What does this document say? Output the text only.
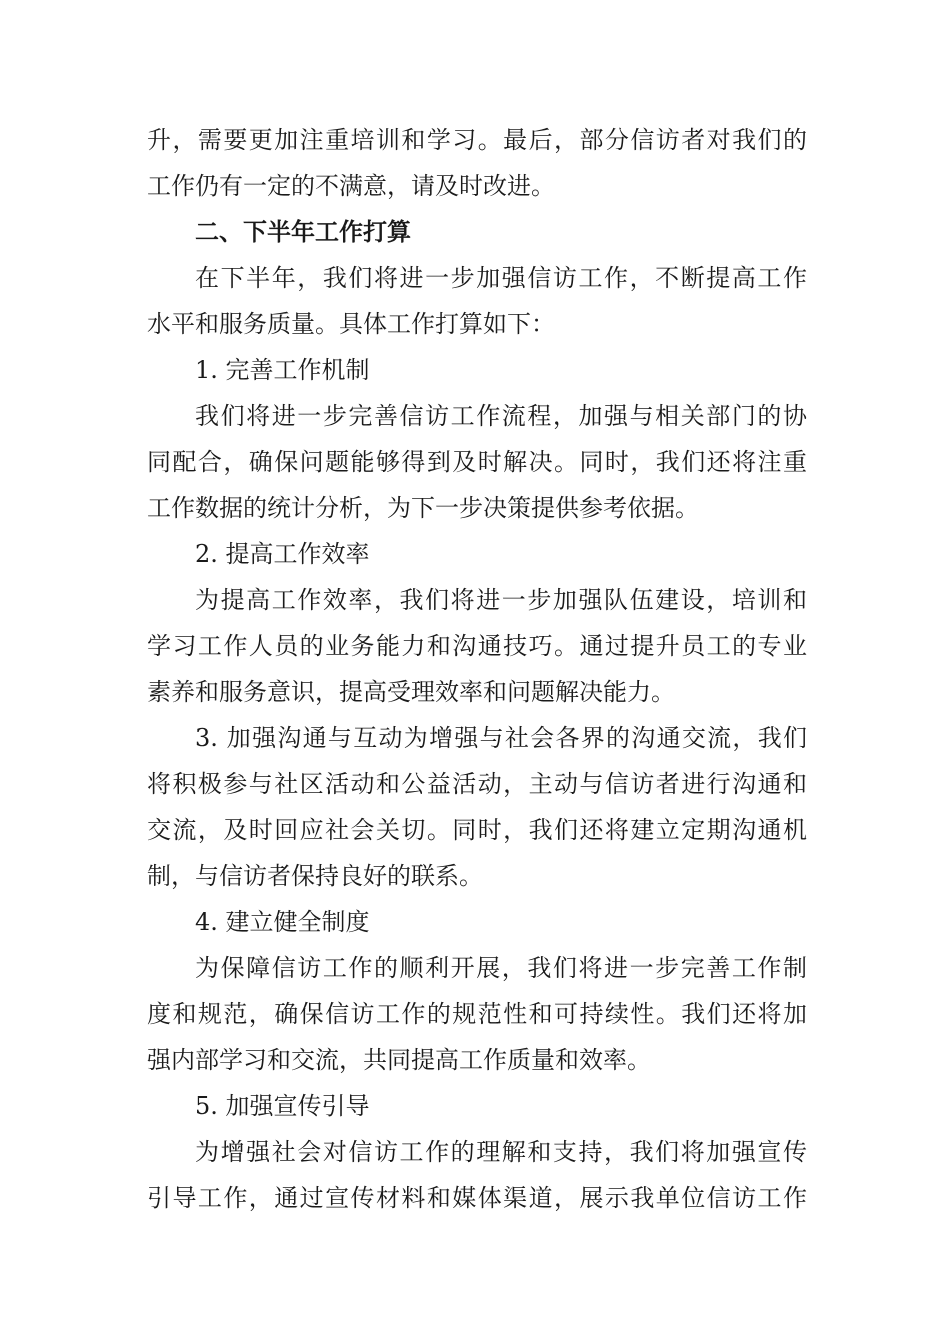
升，需要更加注重培训和学习。最后，部分信访者对我们的
工作仍有一定的不满意，请及时改进。
二、下半年工作打算
在下半年，我们将进一步加强信访工作，不断提高工作
水平和服务质量。具体工作打算如下：
1. 完善工作机制
我们将进一步完善信访工作流程，加强与相关部门的协
同配合，确保问题能够得到及时解决。同时，我们还将注重
工作数据的统计分析，为下一步决策提供参考依据。
2. 提高工作效率
为提高工作效率，我们将进一步加强队伍建设，培训和
学习工作人员的业务能力和沟通技巧。通过提升员工的专业
素养和服务意识，提高受理效率和问题解决能力。
3. 加强沟通与互动为增强与社会各界的沟通交流，我们
将积极参与社区活动和公益活动，主动与信访者进行沟通和
交流，及时回应社会关切。同时，我们还将建立定期沟通机
制，与信访者保持良好的联系。
4. 建立健全制度
为保障信访工作的顺利开展，我们将进一步完善工作制
度和规范，确保信访工作的规范性和可持续性。我们还将加
强内部学习和交流，共同提高工作质量和效率。
5. 加强宣传引导
为增强社会对信访工作的理解和支持，我们将加强宣传
引导工作，通过宣传材料和媒体渠道，展示我单位信访工作
